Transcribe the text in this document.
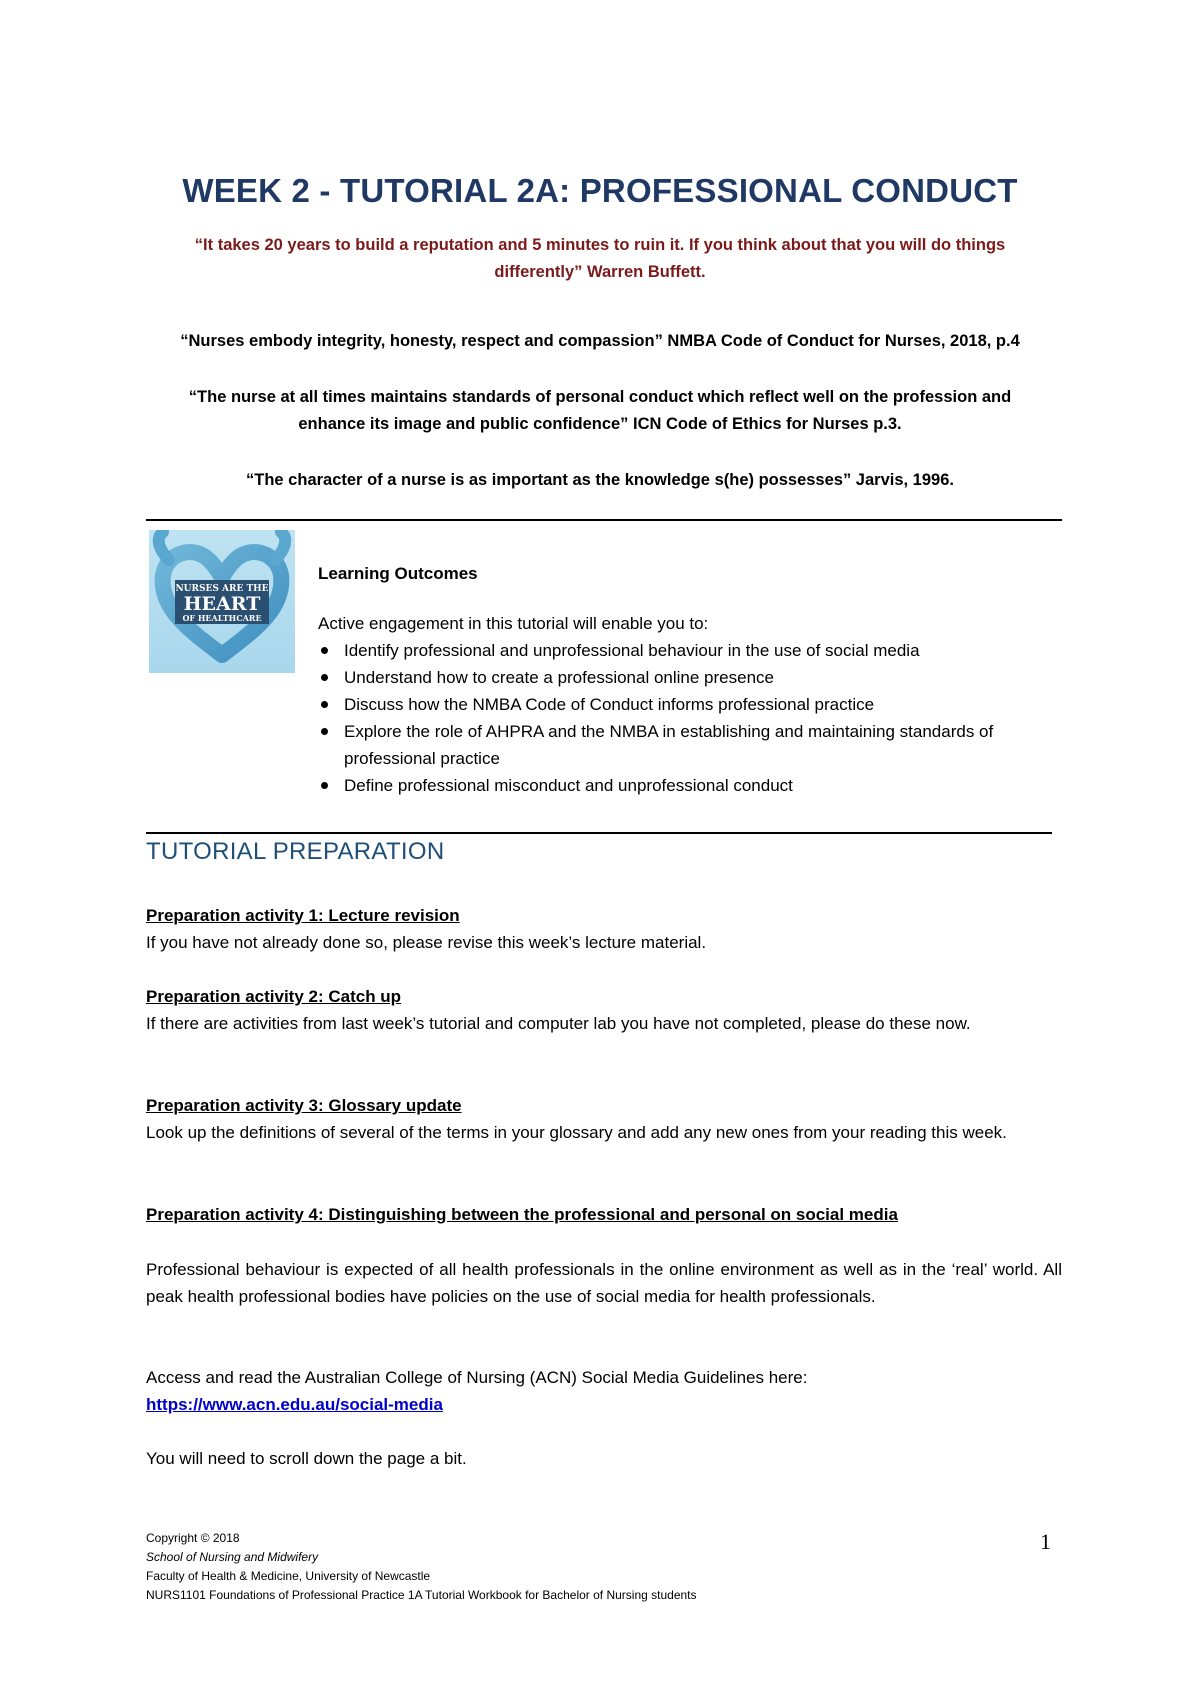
WEEK 2 - TUTORIAL 2A: PROFESSIONAL CONDUCT
“It takes 20 years to build a reputation and 5 minutes to ruin it. If you think about that you will do things differently” Warren Buffett.
“Nurses embody integrity, honesty, respect and compassion” NMBA Code of Conduct for Nurses, 2018, p.4
“The nurse at all times maintains standards of personal conduct which reflect well on the profession and enhance its image and public confidence” ICN Code of Ethics for Nurses p.3.
“The character of a nurse is as important as the knowledge s(he) possesses” Jarvis, 1996.
NURSES ARE THE
HEART
OF HEALTHCARE
Learning Outcomes
Active engagement in this tutorial will enable you to:
Identify professional and unprofessional behaviour in the use of social media
Understand how to create a professional online presence
Discuss how the NMBA Code of Conduct informs professional practice
Explore the role of AHPRA and the NMBA in establishing and maintaining standards of professional practice
Define professional misconduct and unprofessional conduct
TUTORIAL PREPARATION
Preparation activity 1: Lecture revision
If you have not already done so, please revise this week’s lecture material.
Preparation activity 2: Catch up
If there are activities from last week’s tutorial and computer lab you have not completed, please do these now.
Preparation activity 3: Glossary update
Look up the definitions of several of the terms in your glossary and add any new ones from your reading this week.
Preparation activity 4: Distinguishing between the professional and personal on social media
Professional behaviour is expected of all health professionals in the online environment as well as in the ‘real’ world. All peak health professional bodies have policies on the use of social media for health professionals.
Access and read the Australian College of Nursing (ACN) Social Media Guidelines here:
https://www.acn.edu.au/social-media
You will need to scroll down the page a bit.
Copyright © 2018
School of Nursing and Midwifery
Faculty of Health & Medicine, University of Newcastle
NURS1101 Foundations of Professional Practice 1A Tutorial Workbook for Bachelor of Nursing students
1
